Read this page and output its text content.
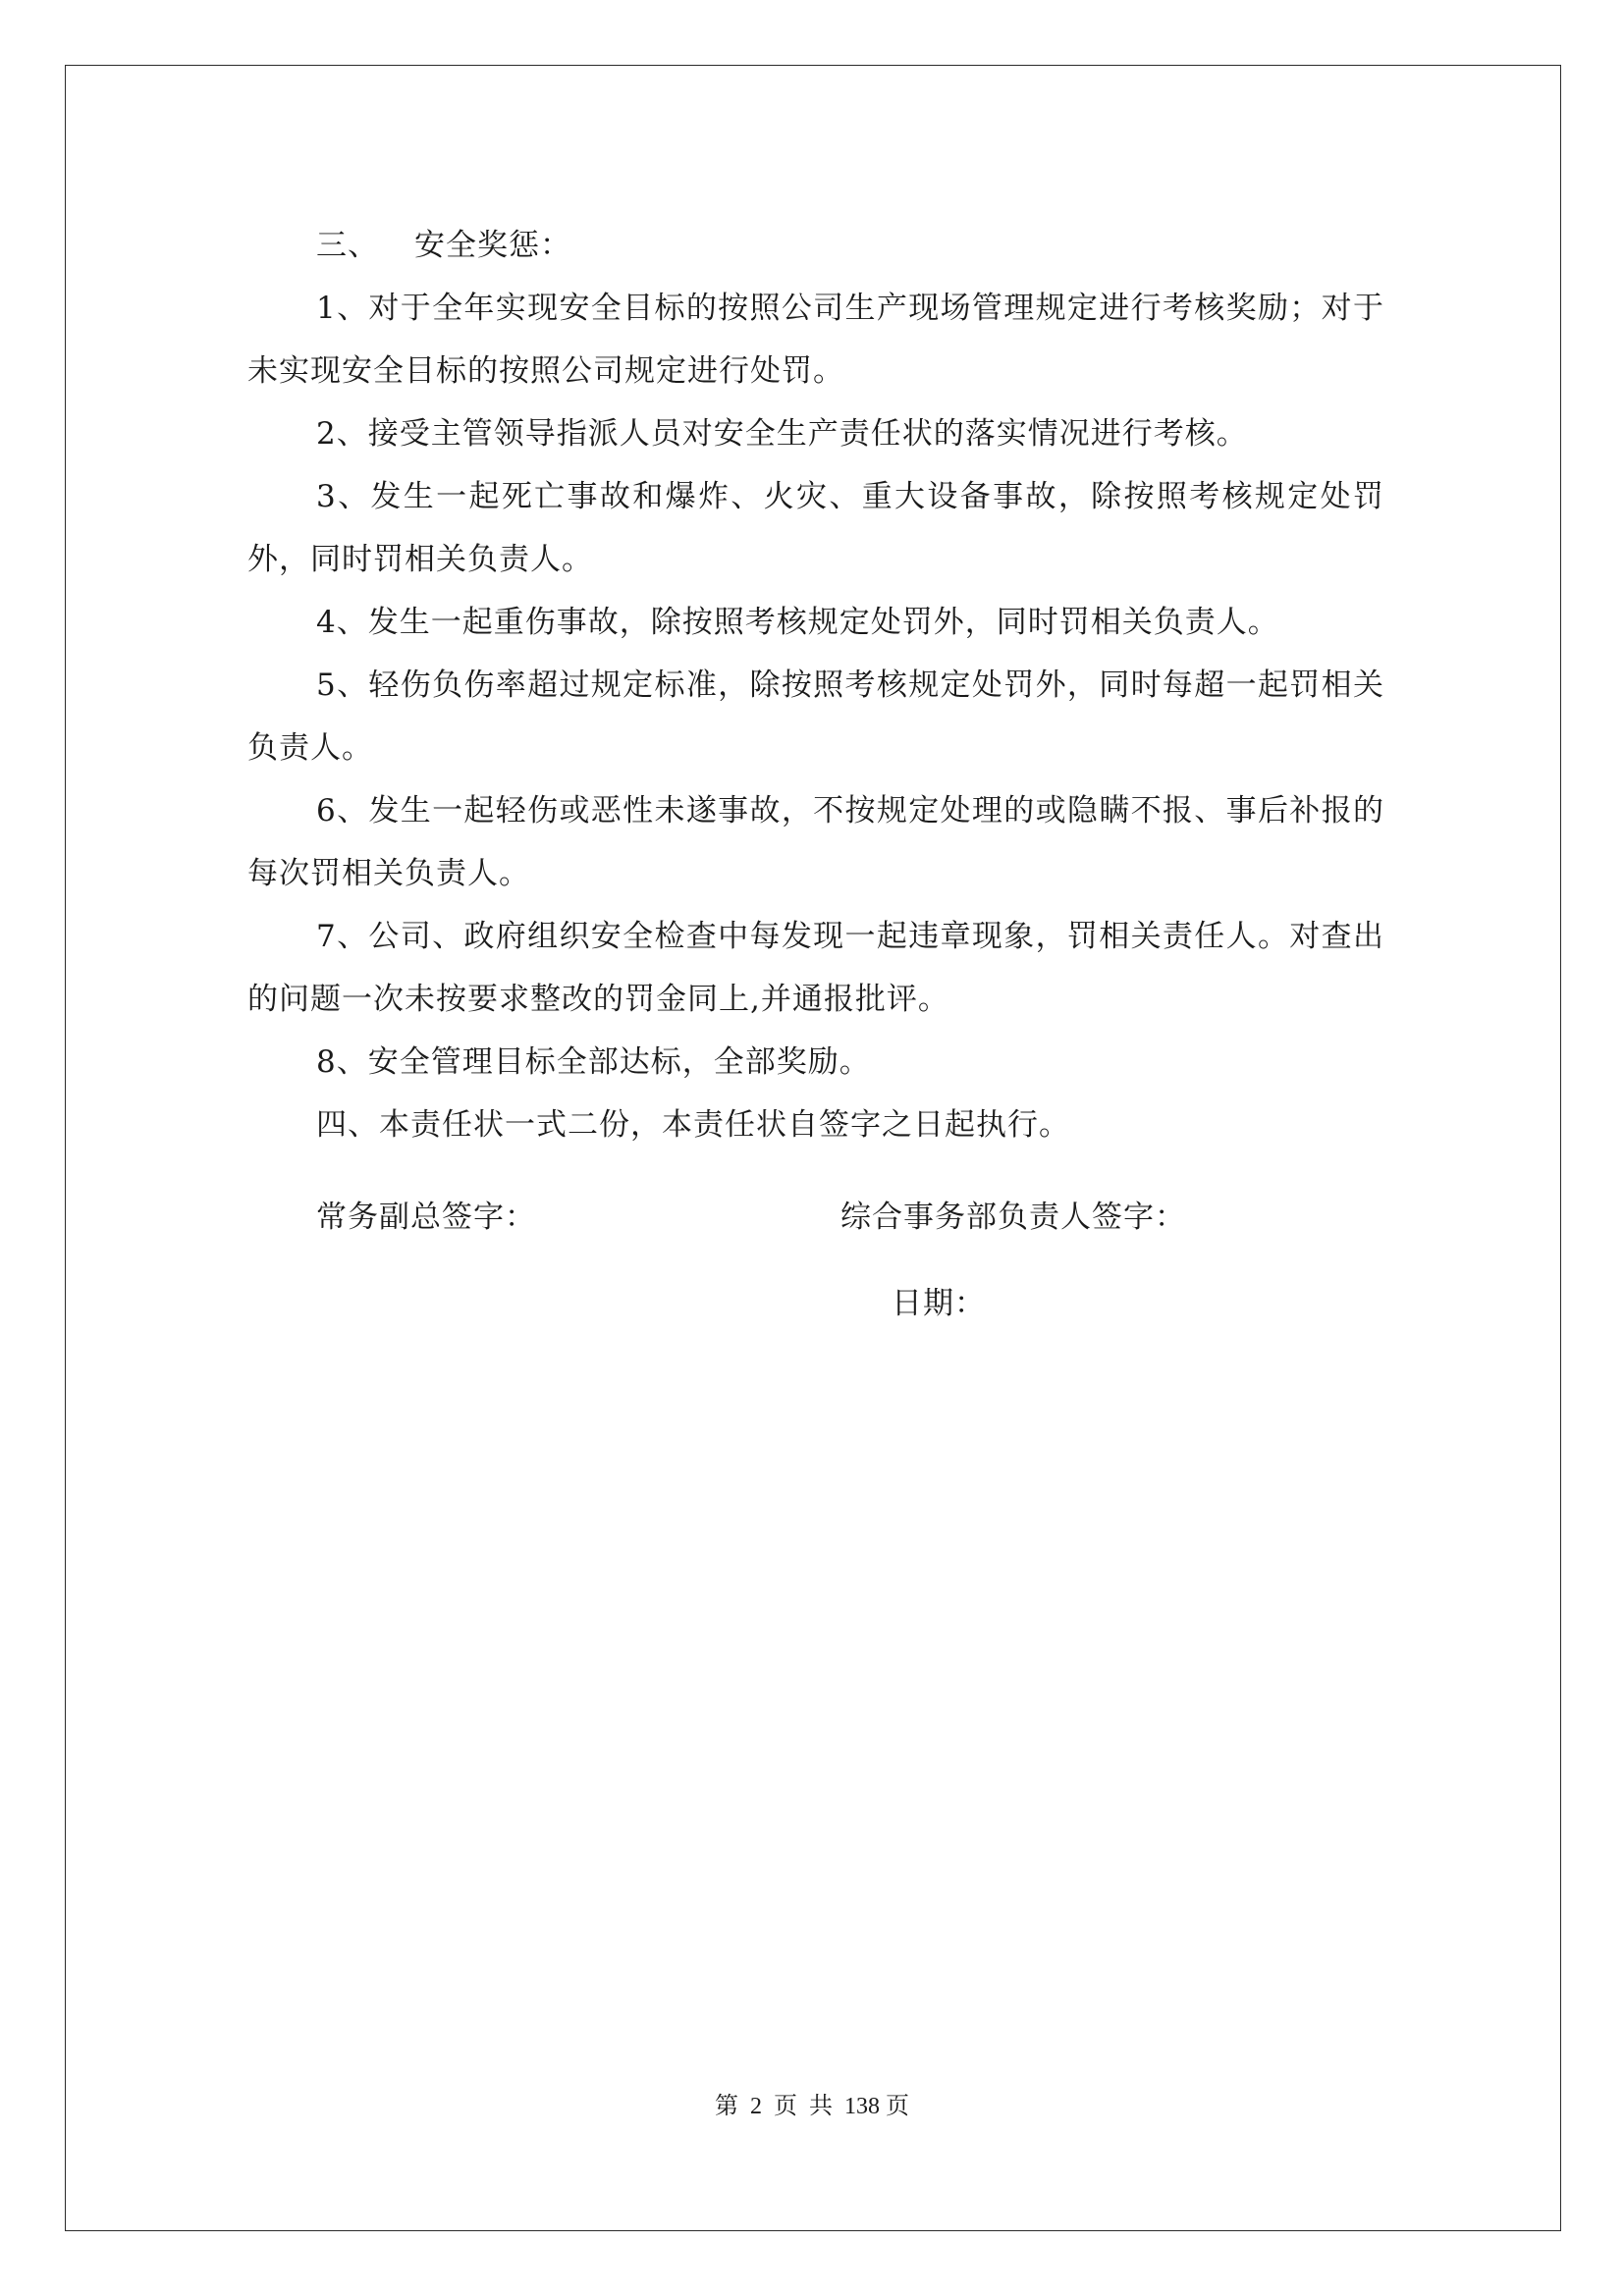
三、 安全奖惩：

1、对于全年实现安全目标的按照公司生产现场管理规定进行考核奖励；对于未实现安全目标的按照公司规定进行处罚。

2、接受主管领导指派人员对安全生产责任状的落实情况进行考核。

3、发生一起死亡事故和爆炸、火灾、重大设备事故，除按照考核规定处罚外，同时罚相关负责人。

4、发生一起重伤事故，除按照考核规定处罚外，同时罚相关负责人。

5、轻伤负伤率超过规定标准，除按照考核规定处罚外，同时每超一起罚相关负责人。

6、发生一起轻伤或恶性未遂事故，不按规定处理的或隐瞒不报、事后补报的每次罚相关负责人。

7、公司、政府组织安全检查中每发现一起违章现象，罚相关责任人。对查出的问题一次未按要求整改的罚金同上,并通报批评。

8、安全管理目标全部达标，全部奖励。

四、本责任状一式二份，本责任状自签字之日起执行。

常务副总签字：	综合事务部负责人签字：
日期：
第 2 页 共 138 页
